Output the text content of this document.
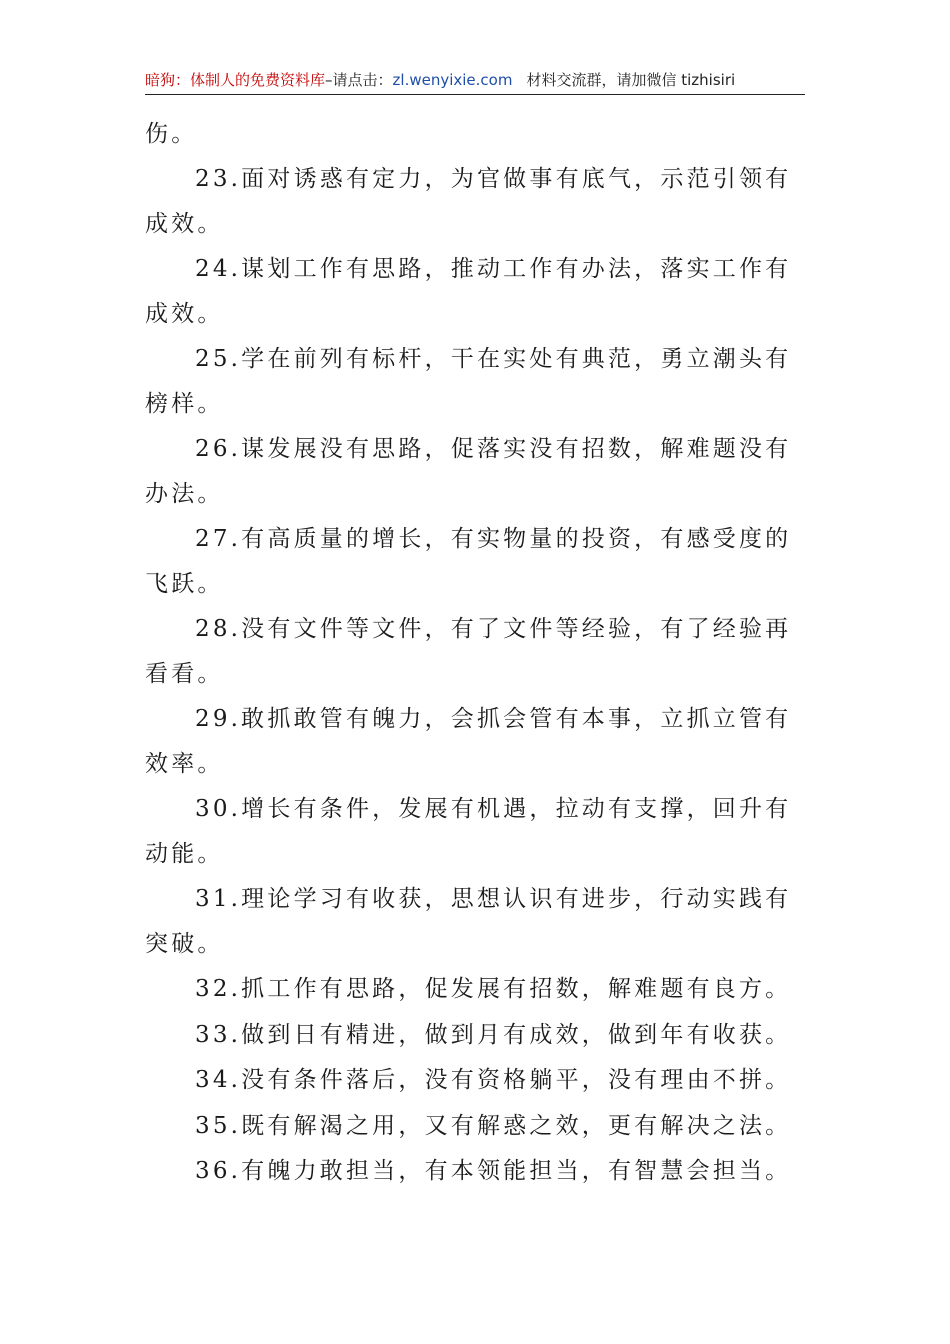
暗狗：体制人的免费资料库–请点击：zl.wenyixie.com 材料交流群，请加微信 tizhisiri

伤。

23.面对诱惑有定力，为官做事有底气，示范引领有成效。

24.谋划工作有思路，推动工作有办法，落实工作有成效。

25.学在前列有标杆，干在实处有典范，勇立潮头有榜样。

26.谋发展没有思路，促落实没有招数，解难题没有办法。

27.有高质量的增长，有实物量的投资，有感受度的飞跃。

28.没有文件等文件，有了文件等经验，有了经验再看看。

29.敢抓敢管有魄力，会抓会管有本事，立抓立管有效率。

30.增长有条件，发展有机遇，拉动有支撑，回升有动能。

31.理论学习有收获，思想认识有进步，行动实践有突破。

32.抓工作有思路，促发展有招数，解难题有良方。

33.做到日有精进，做到月有成效，做到年有收获。

34.没有条件落后，没有资格躺平，没有理由不拼。

35.既有解渴之用，又有解惑之效，更有解决之法。

36.有魄力敢担当，有本领能担当，有智慧会担当。
